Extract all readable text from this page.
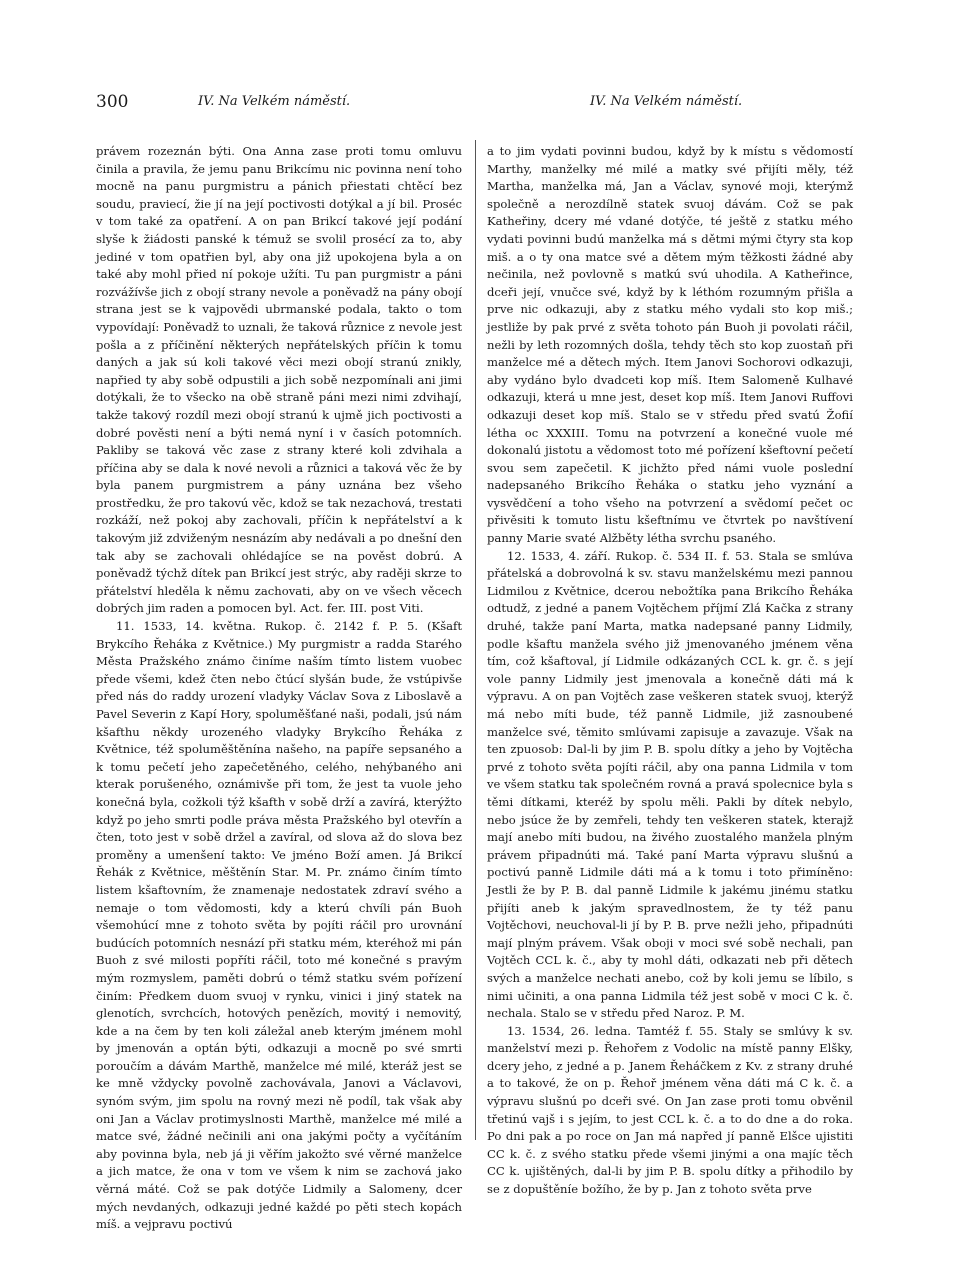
300	IV. Na Velkém náměstí.	IV. Na Velkém náměstí.

právem rozeznán býti. Ona Anna zase proti tomu omluvu činila a pravila, že jemu panu Brikcímu nic povinna není toho mocně na panu purgmistru a pánich přiestati chtěcí bez soudu, praviecí, žie jí na její poctivosti dotýkal a jí bil. Proséc v tom také za opatření. A on pan Brikcí takové její podání slyše k žiádosti panské k témuž se svolil prosécí za to, aby jediné v tom opatřien byl, aby ona již upokojena byla a on také aby mohl přied ní pokoje užíti. Tu pan purgmistr a páni rozvážívše jich z obojí strany nevole a poněvadž na pány obojí strana jest se k vajpovědi ubrmanské podala, takto o tom vypovídají: Poněvadž to uznali, že taková různice z nevole jest pošla a z příčinění některých nepřátelských příčin k tomu daných a jak sú koli takové věci mezi obojí stranú znikly, napřied ty aby sobě odpustili a jich sobě nezpomínali ani jimi dotýkali, že to všecko na obě straně páni mezi nimi zdvihají, takže takový rozdíl mezi obojí stranú k ujmě jich poctivosti a dobré pověsti není a býti nemá nyní i v časích potomních. Pakliby se taková věc zase z strany které koli zdvihala a příčina aby se dala k nové nevoli a různici a taková věc že by byla panem purgmistrem a pány uznána bez všeho prostředku, že pro takovú věc, kdož se tak nezachová, trestati rozkáží, než pokoj aby zachovali, příčin k nepřátelství a k takovým již zdviženým nesnázím aby nedávali a po dnešní den tak aby se zachovali ohlédajíce se na pověst dobrú. A poněvadž týchž dítek pan Brikcí jest strýc, aby raději skrze to přátelství hleděla k němu zachovati, aby on ve všech věcech dobrých jim raden a pomocen byl. Act. fer. III. post Viti.

11. 1533, 14. května. Rukop. č. 2142 f. P. 5. (Kšaft Brykcího Řeháka z Květnice.) My purgmistr a radda Starého Města Pražského známo činíme naším tímto listem vuobec přede všemi, kdež čten nebo čtúcí slyšán bude, že vstúpivše před nás do raddy urození vladyky Václav Sova z Liboslavě a Pavel Severin z Kapí Hory, spoluměšťané naši, podali, jsú nám kšafthu někdy urozeného vladyky Brykcího Řeháka z Květnice, též spoluměštěnína našeho, na papíře sepsaného a k tomu pečetí jeho zapečetěného, celého, nehýbaného ani kterak porušeného, oznámivše při tom, že jest ta vuole jeho konečná byla, cožkoli týž kšafth v sobě drží a zavírá, kterýžto když po jeho smrti podle práva města Pražského byl otevřín a čten, toto jest v sobě držel a zavíral, od slova až do slova bez proměny a umenšení takto: Ve jméno Boží amen. Já Brikcí Řehák z Květnice, měštěnín Star. M. Pr. známo činím tímto listem kšaftovním, že znamenaje nedostatek zdraví svého a nemaje o tom vědomosti, kdy a kterú chvíli pán Buoh všemohúcí mne z tohoto světa by pojíti ráčil pro urovnání budúcích potomních nesnází při statku mém, kteréhož mi pán Buoh z své milosti popříti ráčil, toto mé konečné s pravým mým rozmyslem, paměti dobrú o témž statku svém pořízení činím: Předkem duom svuoj v rynku, vinici i jiný statek na glenotích, svrchcích, hotových penězích, movitý i nemovitý, kde a na čem by ten koli záležal aneb kterým jménem mohl by jmenován a optán býti, odkazuji a mocně po své smrti poroučím a dávám Marthě, manželce mé milé, kteráž jest se ke mně vždycky povolně zachovávala, Janovi a Václavovi, synóm svým, jim spolu na rovný mezi ně podíl, tak však aby oni Jan a Václav protimyslnosti Marthě, manželce mé milé a matce své, žádné nečinili ani ona jakými počty a vyčítáním aby povinna byla, neb já ji věřím jakožto své věrné manželce a jich matce, že ona v tom ve všem k nim se zachová jako věrná máté. Což se pak dotýče Lidmily a Salomeny, dcer mých nevdaných, odkazuji jedné každé po pěti stech kopách míš. a vejpravu poctivú

a to jim vydati povinni budou, když by k místu s vědomostí Marthy, manželky mé milé a matky své přijíti měly, též Martha, manželka má, Jan a Václav, synové moji, kterýmž společně a nerozdílně statek svuoj dávám. Což se pak Katheřiny, dcery mé vdané dotýče, té ještě z statku mého vydati povinni budú manželka má s dětmi mými čtyry sta kop miš. a o ty ona matce své a dětem mým těžkosti žádné aby nečinila, než povlovně s matkú svú uhodila. A Katheřince, dceři její, vnučce své, když by k léthóm rozumným přišla a prve nic odkazuji, aby z statku mého vydali sto kop miš.; jestliže by pak prvé z světa tohoto pán Buoh ji povolati ráčil, nežli by leth rozomných došla, tehdy těch sto kop zuostaň při manželce mé a dětech mých. Item Janovi Sochorovi odkazuji, aby vydáno bylo dvadceti kop míš. Item Salomeně Kulhavé odkazuji, která u mne jest, deset kop míš. Item Janovi Ruffovi odkazuji deset kop míš. Stalo se v středu před svatú Žofií létha oc XXXIII. Tomu na potvrzení a konečné vuole mé dokonalú jistotu a vědomost toto mé pořízení kšeftovní pečetí svou sem zapečetil. K jichžto před námi vuole poslední nadepsaného Brikcího Řeháka o statku jeho vyznání a vysvědčení a toho všeho na potvrzení a svědomí pečet oc přivěsiti k tomuto listu kšeftnímu ve čtvrtek po navštívení panny Marie svaté Alžběty létha svrchu psaného.

12. 1533, 4. září. Rukop. č. 534 II. f. 53. Stala se smlúva přátelská a dobrovolná k sv. stavu manželskému mezi pannou Lidmilou z Květnice, dcerou nebožtíka pana Brikcího Řeháka odtudž, z jedné a panem Vojtěchem příjmí Zlá Kačka z strany druhé, takže paní Marta, matka nadepsané panny Lidmily, podle kšaftu manžela svého již jmenovaného jménem věna tím, což kšaftoval, jí Lidmile odkázaných CCL k. gr. č. s její vole panny Lidmily jest jmenovala a konečně dáti má k výpravu. A on pan Vojtěch zase veškeren statek svuoj, kterýž má nebo míti bude, též panně Lidmile, již zasnoubené manželce své, těmito smlúvami zapisuje a zavazuje. Však na ten zpuosob: Dal-li by jim P. B. spolu dítky a jeho by Vojtěcha prvé z tohoto světa pojíti ráčil, aby ona panna Lidmila v tom ve všem statku tak společném rovná a pravá spolecnice byla s těmi dítkami, kteréž by spolu měli. Pakli by dítek nebylo, nebo jsúce že by zemřeli, tehdy ten veškeren statek, kterajž mají anebo míti budou, na živého zuostalého manžela plným právem připadnúti má. Také paní Marta výpravu slušnú a poctivú panně Lidmile dáti má a k tomu i toto přimíněno: Jestli že by P. B. dal panně Lidmile k jakému jinému statku přijíti aneb k jakým spravedlnostem, že ty též panu Vojtěchovi, neuchoval-li jí by P. B. prve nežli jeho, připadnúti mají plným právem. Však oboji v moci své sobě nechali, pan Vojtěch CCL k. č., aby ty mohl dáti, odkazati neb při dětech svých a manželce nechati anebo, což by koli jemu se líbilo, s nimi učiniti, a ona panna Lidmila též jest sobě v moci C k. č. nechala. Stalo se v středu před Naroz. P. M.

13. 1534, 26. ledna. Tamtéž f. 55. Staly se smlúvy k sv. manželství mezi p. Řehořem z Vodolic na místě panny Elšky, dcery jeho, z jedné a p. Janem Řeháčkem z Kv. z strany druhé a to takové, že on p. Řehoř jménem věna dáti má C k. č. a výpravu slušnú po dceři své. On Jan zase proti tomu obvěnil třetinú vajš i s jejím, to jest CCL k. č. a to do dne a do roka. Po dni pak a po roce on Jan má napřed jí panně Elšce ujistiti CC k. č. z svého statku přede všemi jinými a ona majíc těch CC k. ujištěných, dal-li by jim P. B. spolu dítky a přihodilo by se z dopuštěníe božího, že by p. Jan z tohoto světa prve
